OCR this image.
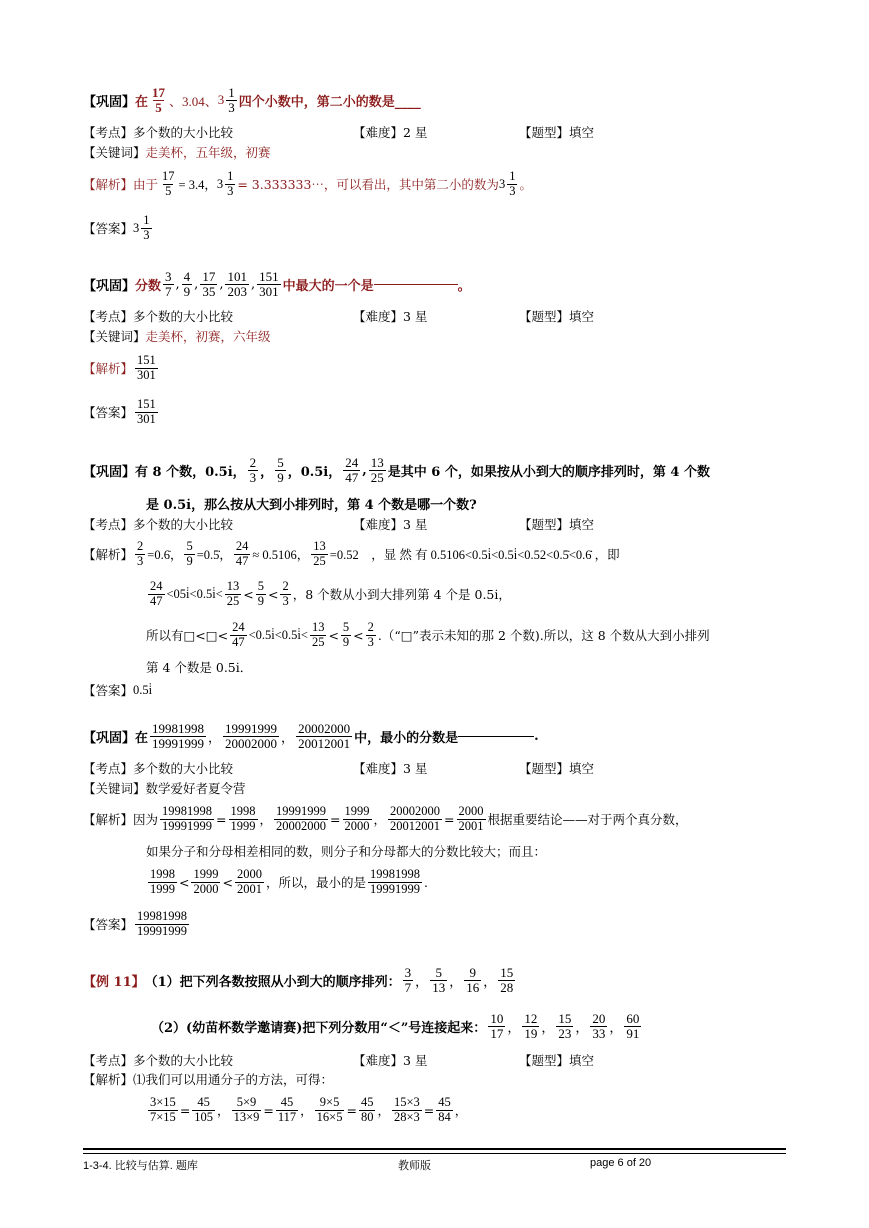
【巩固】 在 $\frac{17}{5}$ 、3.04、 $3 \frac{1}{3}$ 四个小数中，第二小的数是____
【考点】多个数的大小比较	【难度】2 星	【题型】填空
【关键词】 走美杯，五年级，初赛
【解析】 由于 $\frac{17}{5} = 3.4$， $3 \frac{1}{3}$ = 3.333333⋯，可以看出，其中第二小的数为 $3 \frac{1}{3}$ 。
【答案】 $3 \frac{1}{3}$
【巩固】 分数 $\frac{3}{7}$ , $\frac{4}{9}$ , $\frac{17}{35}$ , $\frac{101}{203}$ , $\frac{151}{301}$ 中最大的一个是	。
【考点】多个数的大小比较	【难度】3 星	【题型】填空
【关键词】 走美杯，初赛，六年级
【解析】 $\frac{151}{301}$
【答案】 $\frac{151}{301}$
【巩固】 有 8 个数，0.5i̇， $\frac{2}{3}$ ， $\frac{5}{9}$ ，0.5i， $\frac{24}{47}$ , $\frac{13}{25}$ 是其中 6 个，如果按从小到大的顺序排列时，第 4 个数
是 0.5i̇，那么按从大到小排列时，第 4 个数是哪一个数?
【考点】多个数的大小比较	【难度】3 星	【题型】填空
【解析】 $\frac{2}{3}$ =0.6̇， $\frac{5}{9}$ =0.5̇， $\frac{24}{47} \approx 0.5106$， $\frac{13}{25} =0.52$　，显 然 有 0.5106<0.5i̇<0.5i̇<0.52<0.5̇<0.6̇ ，即
$\frac{24}{47}$ <05i̇<0.5i̇< $\frac{13}{25} < \frac{5}{9} < \frac{2}{3}$ ，8 个数从小到大排列第 4 个是 0.5i̇，
所以有□<□< $\frac{24}{47}$ <0.5i̇<0.5i̇< $\frac{13}{25} < \frac{5}{9} < \frac{2}{3}$ .（“□”表示未知的那 2 个数).所以，这 8 个数从大到小排列
第 4 个数是 0.5i̇．
【答案】 0.5i̇
【巩固】 在 $\frac{19981998}{19991999}$ ， $\frac{19991999}{20002000}$ ， $\frac{20002000}{20012001}$ 中，最小的分数是	.
【考点】多个数的大小比较	【难度】3 星	【题型】填空
【关键词】数学爱好者夏令营
【解析】 因为 $\frac{19981998}{19991999} = \frac{1998}{1999}$ ， $\frac{19991999}{20002000} = \frac{1999}{2000}$ ， $\frac{20002000}{20012001} = \frac{2000}{2001}$ 根据重要结论——对于两个真分数，
如果分子和分母相差相同的数，则分子和分母都大的分数比较大；而且：
$\frac{1998}{1999} < \frac{1999}{2000} < \frac{2000}{2001}$ ，所以，最小的是 $\frac{19981998}{19991999}$ .
【答案】 $\frac{19981998}{19991999}$
【例 11】 （1）把下列各数按照从小到大的顺序排列： $\frac{3}{7}$ ， $\frac{5}{13}$ ， $\frac{9}{16}$ ， $\frac{15}{28}$
（2）(幼苗杯数学邀请赛)把下列分数用“＜”号连接起来： $\frac{10}{17}$ ， $\frac{12}{19}$ ， $\frac{15}{23}$ ， $\frac{20}{33}$ ， $\frac{60}{91}$
【考点】多个数的大小比较	【难度】3 星	【题型】填空
【解析】 ⑴我们可以用通分子的方法，可得：
$\frac{3\times 15}{7\times 15} = \frac{45}{105}$ ， $\frac{5\times 9}{13\times 9} = \frac{45}{117}$ ， $\frac{9\times 5}{16\times 5} = \frac{45}{80}$ ， $\frac{15\times 3}{28\times 3} = \frac{45}{84}$ ，
1-3-4. 比较与估算. 题库	教师版	page 6 of 20
